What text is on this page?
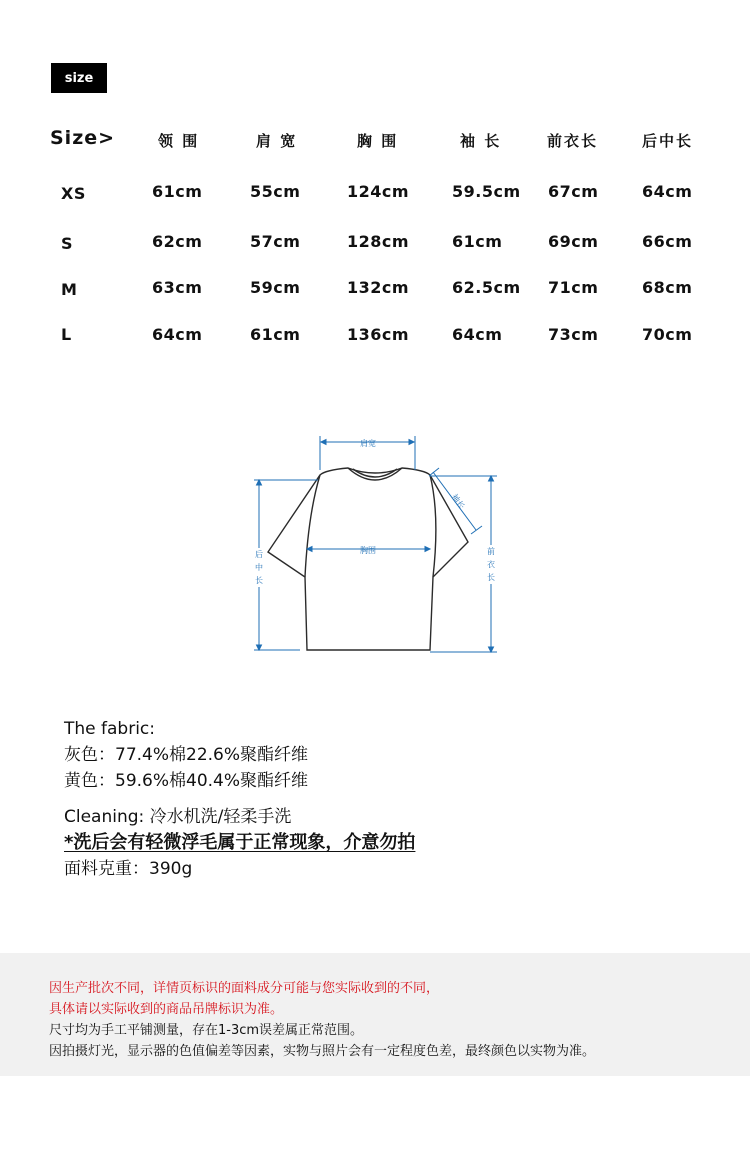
size
Size>	领 围	肩 宽	胸 围	袖 长	前衣长	后中长
XS	61cm	55cm	124cm	59.5cm 67cm	64cm
S	62cm	57cm	128cm	61cm	69cm	66cm
M	63cm	59cm	132cm	62.5cm 71cm	68cm
L	64cm	61cm	136cm	64cm	73cm	70cm
肩宽
胸围
袖长
后中长
前衣长
The fabric:
灰色：77.4%棉22.6%聚酯纤维
黄色：59.6%棉40.4%聚酯纤维
Cleaning: 冷水机洗/轻柔手洗
*洗后会有轻微浮毛属于正常现象，介意勿拍
面料克重：390g
因生产批次不同，详情页标识的面料成分可能与您实际收到的不同，
具体请以实际收到的商品吊牌标识为准。
尺寸均为手工平铺测量，存在1-3cm误差属正常范围。
因拍摄灯光，显示器的色值偏差等因素，实物与照片会有一定程度色差，最终颜色以实物为准。
